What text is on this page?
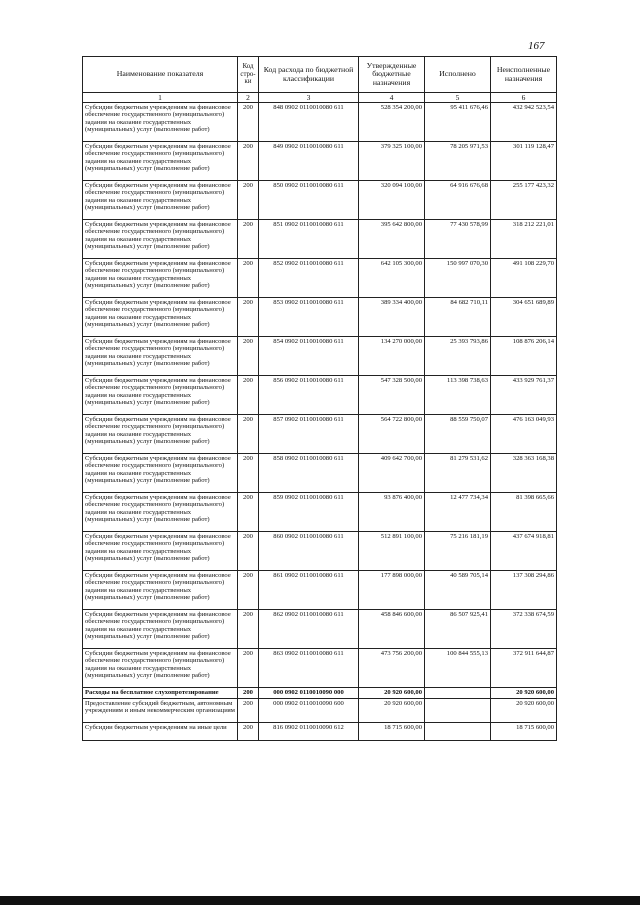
167
Наименование показателя	Код стро-ки	Код расхода по бюджетной классификации	Утвержденные бюджетные назначения	Исполнено	Неисполненные назначения
1	2	3	4	5	6
Субсидии бюджетным учреждениям на финансовое обеспечение государственного (муниципального) задания на оказание государственных (муниципальных) услуг (выполнение работ)	200	848 0902 0110010080 611	528 354 200,00	95 411 676,46	432 942 523,54
Субсидии бюджетным учреждениям на финансовое обеспечение государственного (муниципального) задания на оказание государственных (муниципальных) услуг (выполнение работ)	200	849 0902 0110010080 611	379 325 100,00	78 205 971,53	301 119 128,47
Субсидии бюджетным учреждениям на финансовое обеспечение государственного (муниципального) задания на оказание государственных (муниципальных) услуг (выполнение работ)	200	850 0902 0110010080 611	320 094 100,00	64 916 676,68	255 177 423,32
Субсидии бюджетным учреждениям на финансовое обеспечение государственного (муниципального) задания на оказание государственных (муниципальных) услуг (выполнение работ)	200	851 0902 0110010080 611	395 642 800,00	77 430 578,99	318 212 221,01
Субсидии бюджетным учреждениям на финансовое обеспечение государственного (муниципального) задания на оказание государственных (муниципальных) услуг (выполнение работ)	200	852 0902 0110010080 611	642 105 300,00	150 997 070,30	491 108 229,70
Субсидии бюджетным учреждениям на финансовое обеспечение государственного (муниципального) задания на оказание государственных (муниципальных) услуг (выполнение работ)	200	853 0902 0110010080 611	389 334 400,00	84 682 710,11	304 651 689,89
Субсидии бюджетным учреждениям на финансовое обеспечение государственного (муниципального) задания на оказание государственных (муниципальных) услуг (выполнение работ)	200	854 0902 0110010080 611	134 270 000,00	25 393 793,86	108 876 206,14
Субсидии бюджетным учреждениям на финансовое обеспечение государственного (муниципального) задания на оказание государственных (муниципальных) услуг (выполнение работ)	200	856 0902 0110010080 611	547 328 500,00	113 398 738,63	433 929 761,37
Субсидии бюджетным учреждениям на финансовое обеспечение государственного (муниципального) задания на оказание государственных (муниципальных) услуг (выполнение работ)	200	857 0902 0110010080 611	564 722 800,00	88 559 750,07	476 163 049,93
Субсидии бюджетным учреждениям на финансовое обеспечение государственного (муниципального) задания на оказание государственных (муниципальных) услуг (выполнение работ)	200	858 0902 0110010080 611	409 642 700,00	81 279 531,62	328 363 168,38
Субсидии бюджетным учреждениям на финансовое обеспечение государственного (муниципального) задания на оказание государственных (муниципальных) услуг (выполнение работ)	200	859 0902 0110010080 611	93 876 400,00	12 477 734,34	81 398 665,66
Субсидии бюджетным учреждениям на финансовое обеспечение государственного (муниципального) задания на оказание государственных (муниципальных) услуг (выполнение работ)	200	860 0902 0110010080 611	512 891 100,00	75 216 181,19	437 674 918,81
Субсидии бюджетным учреждениям на финансовое обеспечение государственного (муниципального) задания на оказание государственных (муниципальных) услуг (выполнение работ)	200	861 0902 0110010080 611	177 898 000,00	40 589 705,14	137 308 294,86
Субсидии бюджетным учреждениям на финансовое обеспечение государственного (муниципального) задания на оказание государственных (муниципальных) услуг (выполнение работ)	200	862 0902 0110010080 611	458 846 600,00	86 507 925,41	372 338 674,59
Субсидии бюджетным учреждениям на финансовое обеспечение государственного (муниципального) задания на оказание государственных (муниципальных) услуг (выполнение работ)	200	863 0902 0110010080 611	473 756 200,00	100 844 555,13	372 911 644,87
Расходы на бесплатное слухопротезирование	200	000 0902 0110010090 000	20 920 600,00		20 920 600,00
Предоставление субсидий бюджетным, автономным учреждениям и иным некоммерческим организациям	200	000 0902 0110010090 600	20 920 600,00		20 920 600,00
Субсидии бюджетным учреждениям на иные цели	200	816 0902 0110010090 612	18 715 600,00		18 715 600,00
